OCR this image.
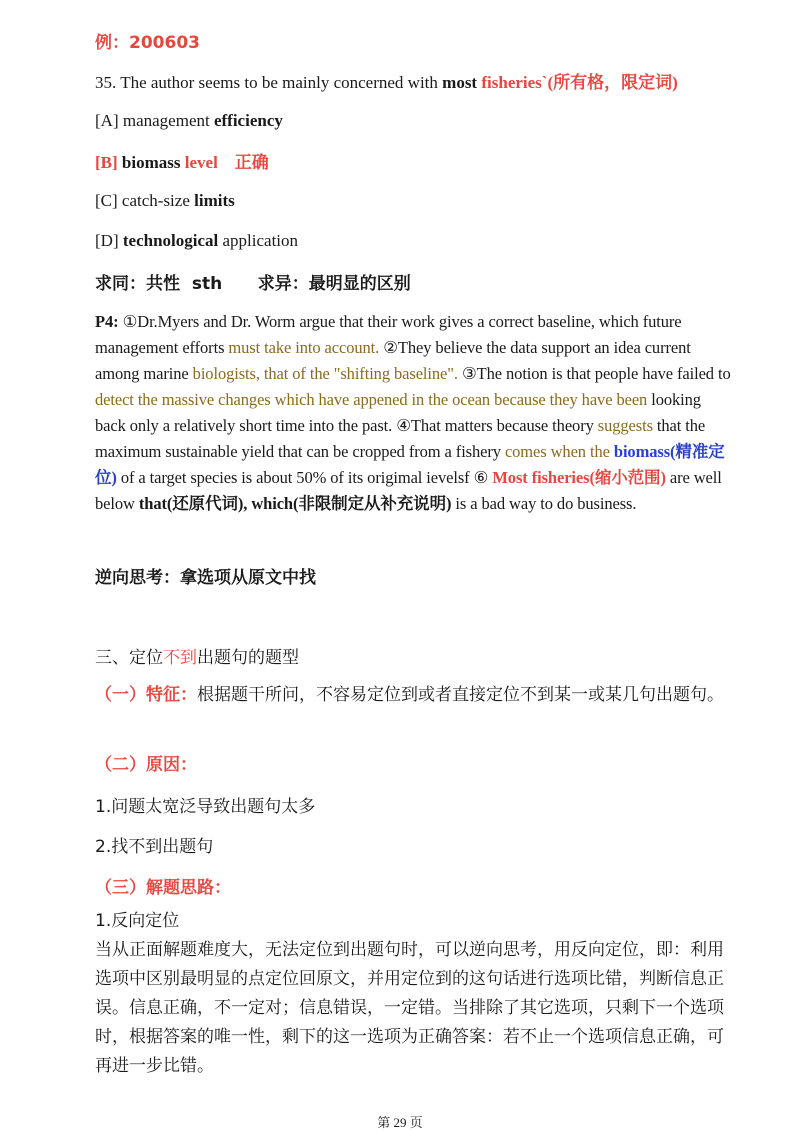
例：200603
35. The author seems to be mainly concerned with most fisheries`(所有格，限定词)
[A] management efficiency
[B] biomass level　正确
[C] catch-size limits
[D] technological application
求同：共性  sth      求异：最明显的区别
P4: ①Dr.Myers and Dr. Worm argue that their work gives a correct baseline, which future management efforts must take into account. ②They believe the data support an idea current among marine biologists, that of the "shifting baseline". ③The notion is that people have failed to detect the massive changes which have appened in the ocean because they have been looking back only a relatively short time into the past. ④That matters because theory suggests that the maximum sustainable yield that can be cropped from a fishery comes when the biomass(精准定位) of a target species is about 50% of its origimal ievelsf ⑥ Most fisheries(缩小范围) are well below that(还原代词), which(非限制定从补充说明) is a bad way to do business.
逆向思考：拿选项从原文中找
三、定位不到出题句的题型
（一）特征：根据题干所问，不容易定位到或者直接定位不到某一或某几句出题句。
（二）原因：
1.问题太宽泛导致出题句太多
2.找不到出题句
（三）解题思路：
1.反向定位
当从正面解题难度大，无法定位到出题句时，可以逆向思考，用反向定位，即：利用选项中区别最明显的点定位回原文，并用定位到的这句话进行选项比错，判断信息正误。信息正确，不一定对；信息错误，一定错。当排除了其它选项，只剩下一个选项时，根据答案的唯一性，剩下的这一选项为正确答案：若不止一个选项信息正确，可再进一步比错。
第 29 页
